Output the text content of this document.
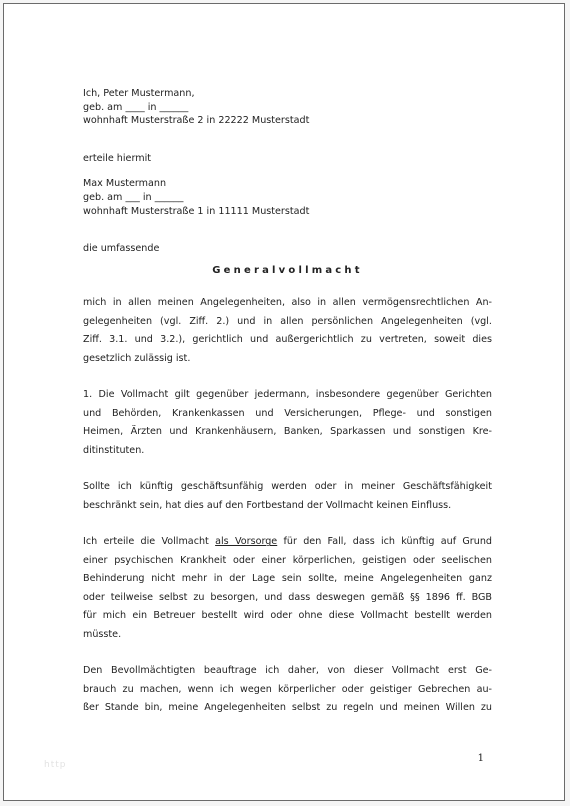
Ich, Peter Mustermann,
geb. am ____ in ______
wohnhaft Musterstraße 2 in 22222 Musterstadt
erteile hiermit
Max Mustermann
geb. am ___ in ______
wohnhaft Musterstraße 1 in 11111 Musterstadt
die umfassende
Generalvollmacht
mich in allen meinen Angelegenheiten, also in allen vermögensrechtlichen An-
gelegenheiten (vgl. Ziff. 2.) und in allen persönlichen Angelegenheiten (vgl.
Ziff. 3.1. und 3.2.), gerichtlich und außergerichtlich zu vertreten, soweit dies
gesetzlich zulässig ist.
1. Die Vollmacht gilt gegenüber jedermann, insbesondere gegenüber Gerichten
und Behörden, Krankenkassen und Versicherungen, Pflege- und sonstigen
Heimen, Ärzten und Krankenhäusern, Banken, Sparkassen und sonstigen Kre-
ditinstituten.
Sollte ich künftig geschäftsunfähig werden oder in meiner Geschäftsfähigkeit
beschränkt sein, hat dies auf den Fortbestand der Vollmacht keinen Einfluss.
Ich erteile die Vollmacht als Vorsorge für den Fall, dass ich künftig auf Grund
einer psychischen Krankheit oder einer körperlichen, geistigen oder seelischen
Behinderung nicht mehr in der Lage sein sollte, meine Angelegenheiten ganz
oder teilweise selbst zu besorgen, und dass deswegen gemäß §§ 1896 ff. BGB
für mich ein Betreuer bestellt wird oder ohne diese Vollmacht bestellt werden
müsste.
Den Bevollmächtigten beauftrage ich daher, von dieser Vollmacht erst Ge-
brauch zu machen, wenn ich wegen körperlicher oder geistiger Gebrechen au-
ßer Stande bin, meine Angelegenheiten selbst zu regeln und meinen Willen zu
http
1
